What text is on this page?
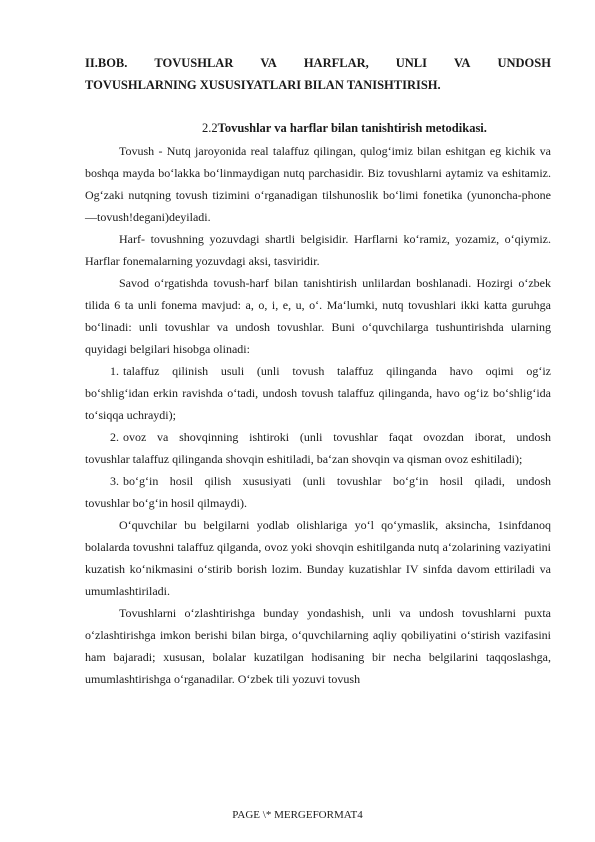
II.BOB. TOVUSHLAR VA HARFLAR, UNLI VA UNDOSH
TOVUSHLARNING XUSUSIYATLARI BILAN TANISHTIRISH.
2.2Tovushlar va harflar bilan tanishtirish metodikasi.

Tovush - Nutq jaroyonida real talaffuz qilingan, qulog‘imiz bilan eshitgan eg kichik va boshqa mayda bo‘lakka bo‘linmaydigan nutq parchasidir. Biz tovushlarni aytamiz va eshitamiz. Og‘zaki nutqning tovush tizimini o‘rganadigan tilshunoslik bo‘limi fonetika (yunoncha-phone —tovush!degani)deyiladi.

Harf- tovushning yozuvdagi shartli belgisidir. Harflarni ko‘ramiz, yozamiz, o‘qiymiz. Harflar fonemalarning yozuvdagi aksi, tasviridir.

Savod o‘rgatishda tovush-harf bilan tanishtirish unlilardan boshlanadi. Hozirgi o‘zbek tilida 6 ta unli fonema mavjud: a, o, i, e, u, o‘. Ma‘lumki, nutq tovushlari ikki katta guruhga bo‘linadi: unli tovushlar va undosh tovushlar. Buni o‘quvchilarga tushuntirishda ularning quyidagi belgilari hisobga olinadi:

1. talaffuz qilinish usuli (unli tovush talaffuz qilinganda havo oqimi og‘iz

bo‘shlig‘idan erkin ravishda o‘tadi, undosh tovush talaffuz qilinganda, havo og‘iz bo‘shlig‘ida to‘siqqa uchraydi);

2. ovoz va shovqinning ishtiroki (unli tovushlar faqat ovozdan iborat, undosh

tovushlar talaffuz qilinganda shovqin eshitiladi, ba‘zan shovqin va qisman ovoz eshitiladi);

3. bo‘g‘in hosil qilish xususiyati (unli tovushlar bo‘g‘in hosil qiladi, undosh

tovushlar bo‘g‘in hosil qilmaydi).

O‘quvchilar bu belgilarni yodlab olishlariga yo‘l qo‘ymaslik, aksincha, 1sinfdanoq bolalarda tovushni talaffuz qilganda, ovoz yoki shovqin eshitilganda nutq a‘zolarining vaziyatini kuzatish ko‘nikmasini o‘stirib borish lozim. Bunday kuzatishlar IV sinfda davom ettiriladi va umumlashtiriladi.

Tovushlarni o‘zlashtirishga bunday yondashish, unli va undosh tovushlarni puxta o‘zlashtirishga imkon berishi bilan birga, o‘quvchilarning aqliy qobiliyatini o‘stirish vazifasini ham bajaradi; xususan, bolalar kuzatilgan hodisaning bir necha belgilarini taqqoslashga, umumlashtirishga o‘rganadilar. O‘zbek tili yozuvi tovush

PAGE \* MERGEFORMAT4
